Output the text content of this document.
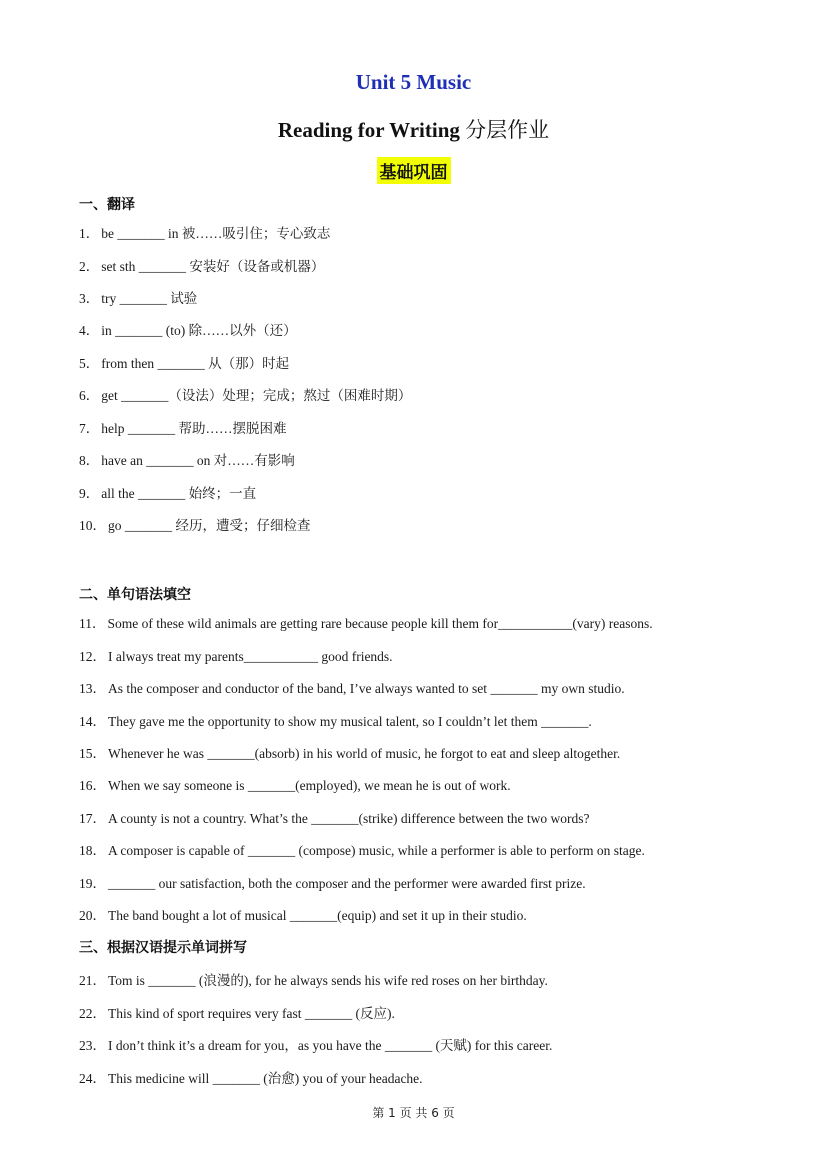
Unit 5 Music
Reading for Writing 分层作业
基础巩固
一、翻译
1． be _______ in 被……吸引住；专心致志
2． set sth _______ 安装好（设备或机器）
3． try _______ 试验
4． in _______ (to) 除……以外（还）
5． from then _______ 从（那）时起
6． get _______（设法）处理；完成；熬过（困难时期）
7． help _______ 帮助……摆脱困难
8． have an _______ on 对……有影响
9． all the _______ 始终；一直
10． go _______ 经历，遭受；仔细检查
二、单句语法填空
11． Some of these wild animals are getting rare because people kill them for___________(vary) reasons.
12． I always treat my parents___________ good friends.
13． As the composer and conductor of the band, I’ve always wanted to set _______ my own studio.
14． They gave me the opportunity to show my musical talent, so I couldn’t let them _______.
15． Whenever he was _______(absorb) in his world of music, he forgot to eat and sleep altogether.
16． When we say someone is _______(employed), we mean he is out of work.
17． A county is not a country. What’s the _______(strike) difference between the two words?
18． A composer is capable of _______ (compose) music, while a performer is able to perform on stage.
19． _______ our satisfaction, both the composer and the performer were awarded first prize.
20． The band bought a lot of musical _______(equip) and set it up in their studio.
三、根据汉语提示单词拼写
21． Tom is _______ (浪漫的), for he always sends his wife red roses on her birthday.
22． This kind of sport requires very fast _______ (反应).
23． I don’t think it’s a dream for you，as you have the _______ (天赋) for this career.
24． This medicine will _______ (治愈) you of your headache.
第 1 页 共 6 页
